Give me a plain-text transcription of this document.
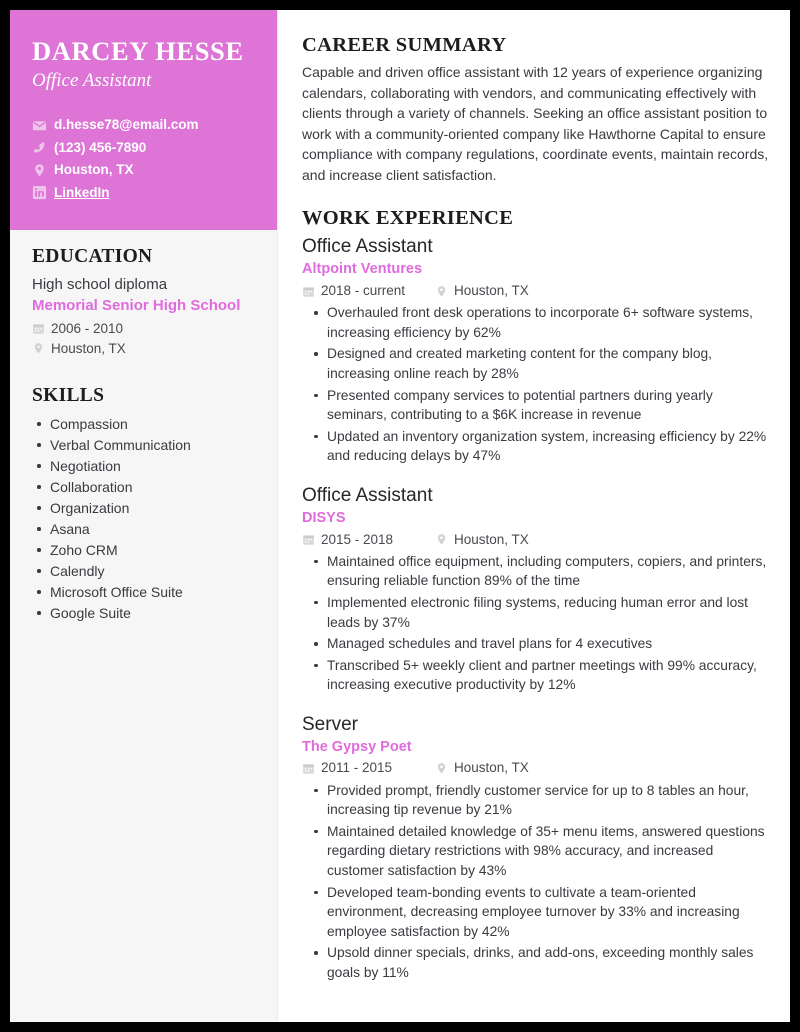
DARCEY HESSE
Office Assistant
d.hesse78@email.com
(123) 456-7890
Houston, TX
LinkedIn
EDUCATION
High school diploma
Memorial Senior High School
2006 - 2010
Houston, TX
SKILLS
Compassion
Verbal Communication
Negotiation
Collaboration
Organization
Asana
Zoho CRM
Calendly
Microsoft Office Suite
Google Suite
CAREER SUMMARY

Capable and driven office assistant with 12 years of experience organizing calendars, collaborating with vendors, and communicating effectively with clients through a variety of channels. Seeking an office assistant position to work with a community-oriented company like Hawthorne Capital to ensure compliance with company regulations, coordinate events, maintain records, and increase client satisfaction.

WORK EXPERIENCE
Office Assistant
Altpoint Ventures
2018 - current	Houston, TX
Overhauled front desk operations to incorporate 6+ software systems, increasing efficiency by 62%
Designed and created marketing content for the company blog, increasing online reach by 28%
Presented company services to potential partners during yearly seminars, contributing to a $6K increase in revenue
Updated an inventory organization system, increasing efficiency by 22% and reducing delays by 47%
Office Assistant
DISYS
2015 - 2018	Houston, TX
Maintained office equipment, including computers, copiers, and printers, ensuring reliable function 89% of the time
Implemented electronic filing systems, reducing human error and lost leads by 37%
Managed schedules and travel plans for 4 executives
Transcribed 5+ weekly client and partner meetings with 99% accuracy, increasing executive productivity by 12%
Server
The Gypsy Poet
2011 - 2015	Houston, TX
Provided prompt, friendly customer service for up to 8 tables an hour, increasing tip revenue by 21%
Maintained detailed knowledge of 35+ menu items, answered questions regarding dietary restrictions with 98% accuracy, and increased customer satisfaction by 43%
Developed team-bonding events to cultivate a team-oriented environment, decreasing employee turnover by 33% and increasing employee satisfaction by 42%
Upsold dinner specials, drinks, and add-ons, exceeding monthly sales goals by 11%
